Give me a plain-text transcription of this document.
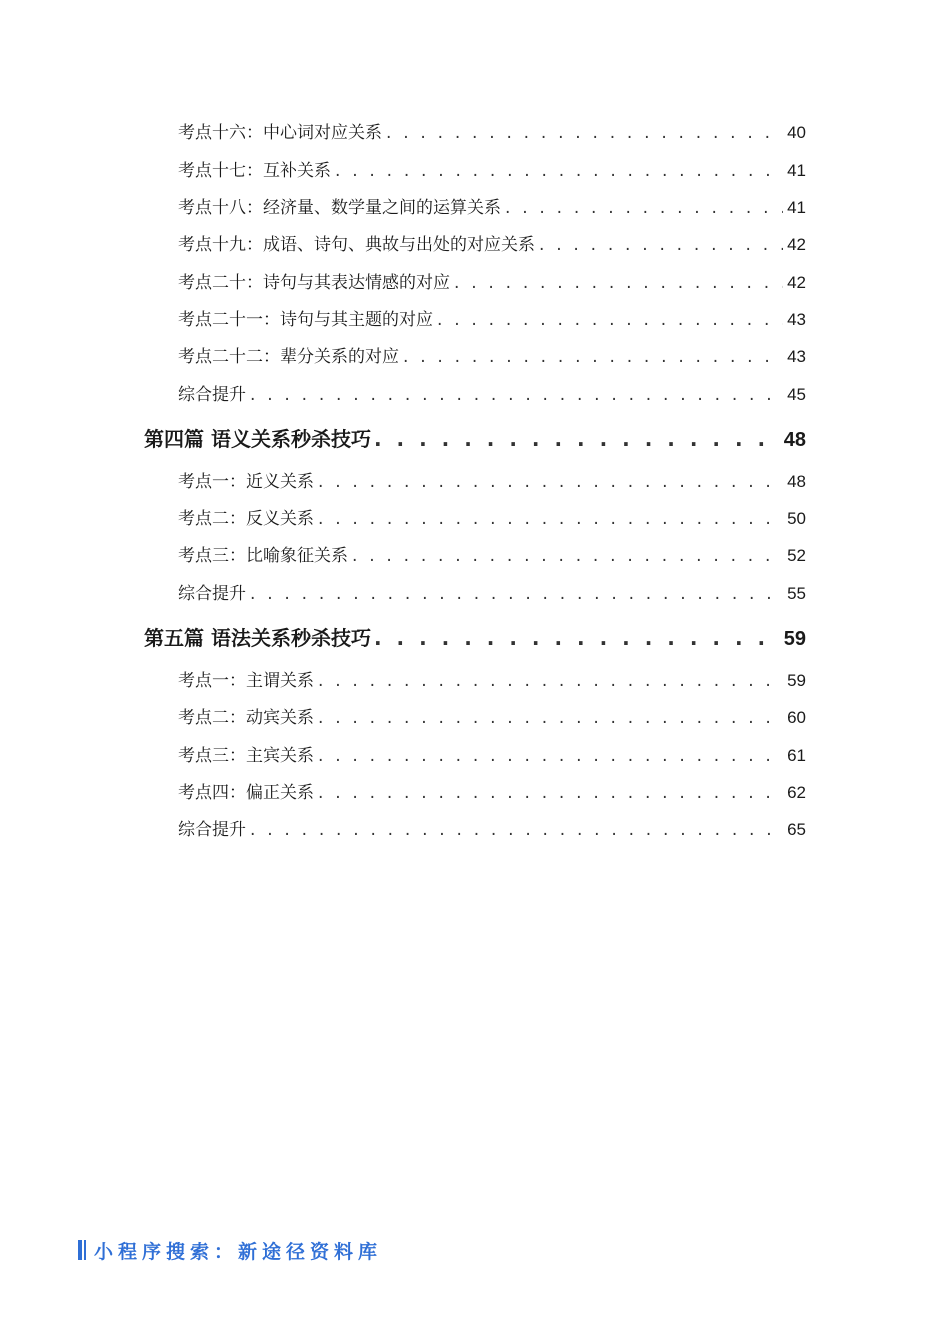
考点十六：中心词对应关系 . . .	40
考点十七：互补关系 . . .	41
考点十八：经济量、数学量之间的运算关系 . . .	41
考点十九：成语、诗句、典故与出处的对应关系 . . .	42
考点二十：诗句与其表达情感的对应 . . .	42
考点二十一：诗句与其主题的对应 . . .	43
考点二十二：辈分关系的对应 . . .	43
综合提升 . . .	45
第四篇 语义关系秒杀技巧 . . .	48
考点一：近义关系 . . .	48
考点二：反义关系 . . .	50
考点三：比喻象征关系 . . .	52
综合提升 . . .	55
第五篇 语法关系秒杀技巧 . . .	59
考点一：主谓关系 . . .	59
考点二：动宾关系 . . .	60
考点三：主宾关系 . . .	61
考点四：偏正关系 . . .	62
综合提升 . . .	65
小程序搜索：新途径资料库
